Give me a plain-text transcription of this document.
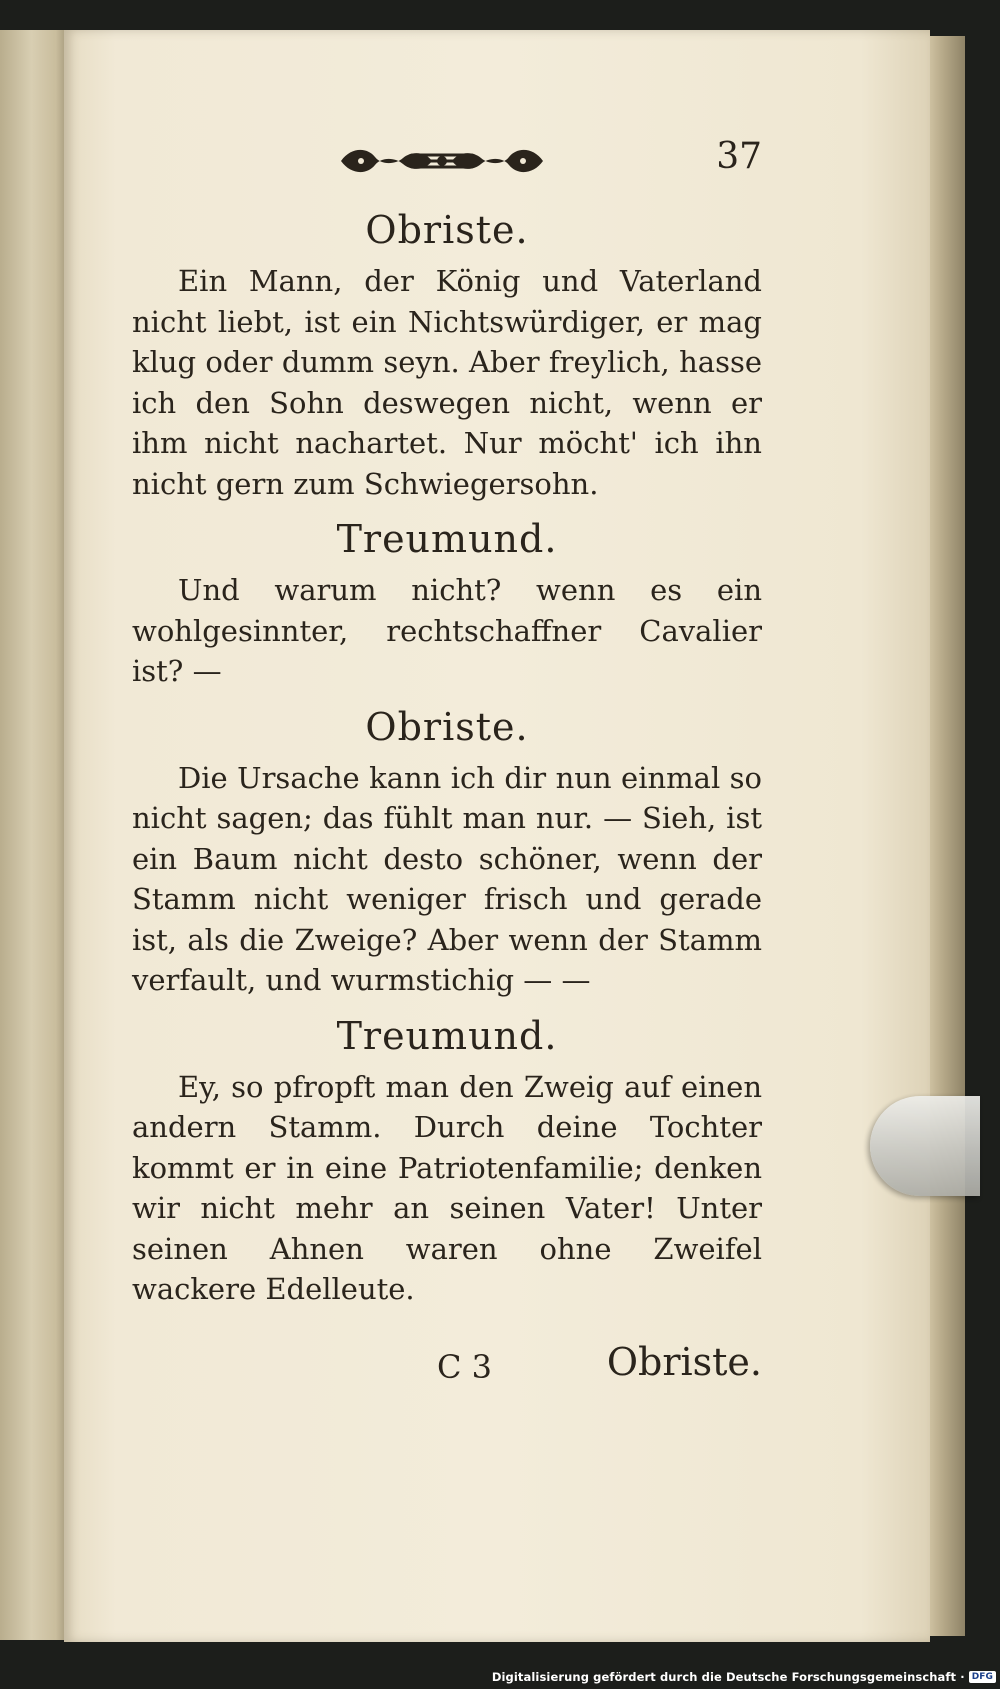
37
Obriste.

Ein Mann, der König und Vaterland nicht liebt, ist ein Nichtswürdiger, er mag klug oder dumm seyn. Aber freylich, hasse ich den Sohn deswegen nicht, wenn er ihm nicht nachartet. Nur möcht' ich ihn nicht gern zum Schwiegersohn.

Treumund.

Und warum nicht? wenn es ein wohlgesinnter, rechtschaffner Cavalier ist? —

Obriste.

Die Ursache kann ich dir nun einmal so nicht sagen; das fühlt man nur. — Sieh, ist ein Baum nicht desto schöner, wenn der Stamm nicht weniger frisch und gerade ist, als die Zweige? Aber wenn der Stamm verfault, und wurmstichig — —

Treumund.

Ey, so pfropft man den Zweig auf einen andern Stamm. Durch deine Tochter kommt er in eine Patriotenfamilie; denken wir nicht mehr an seinen Vater! Unter seinen Ahnen waren ohne Zweifel wackere Edelleute.

C 3	Obriste.
Digitalisierung gefördert durch die Deutsche Forschungsgemeinschaft · DFG
